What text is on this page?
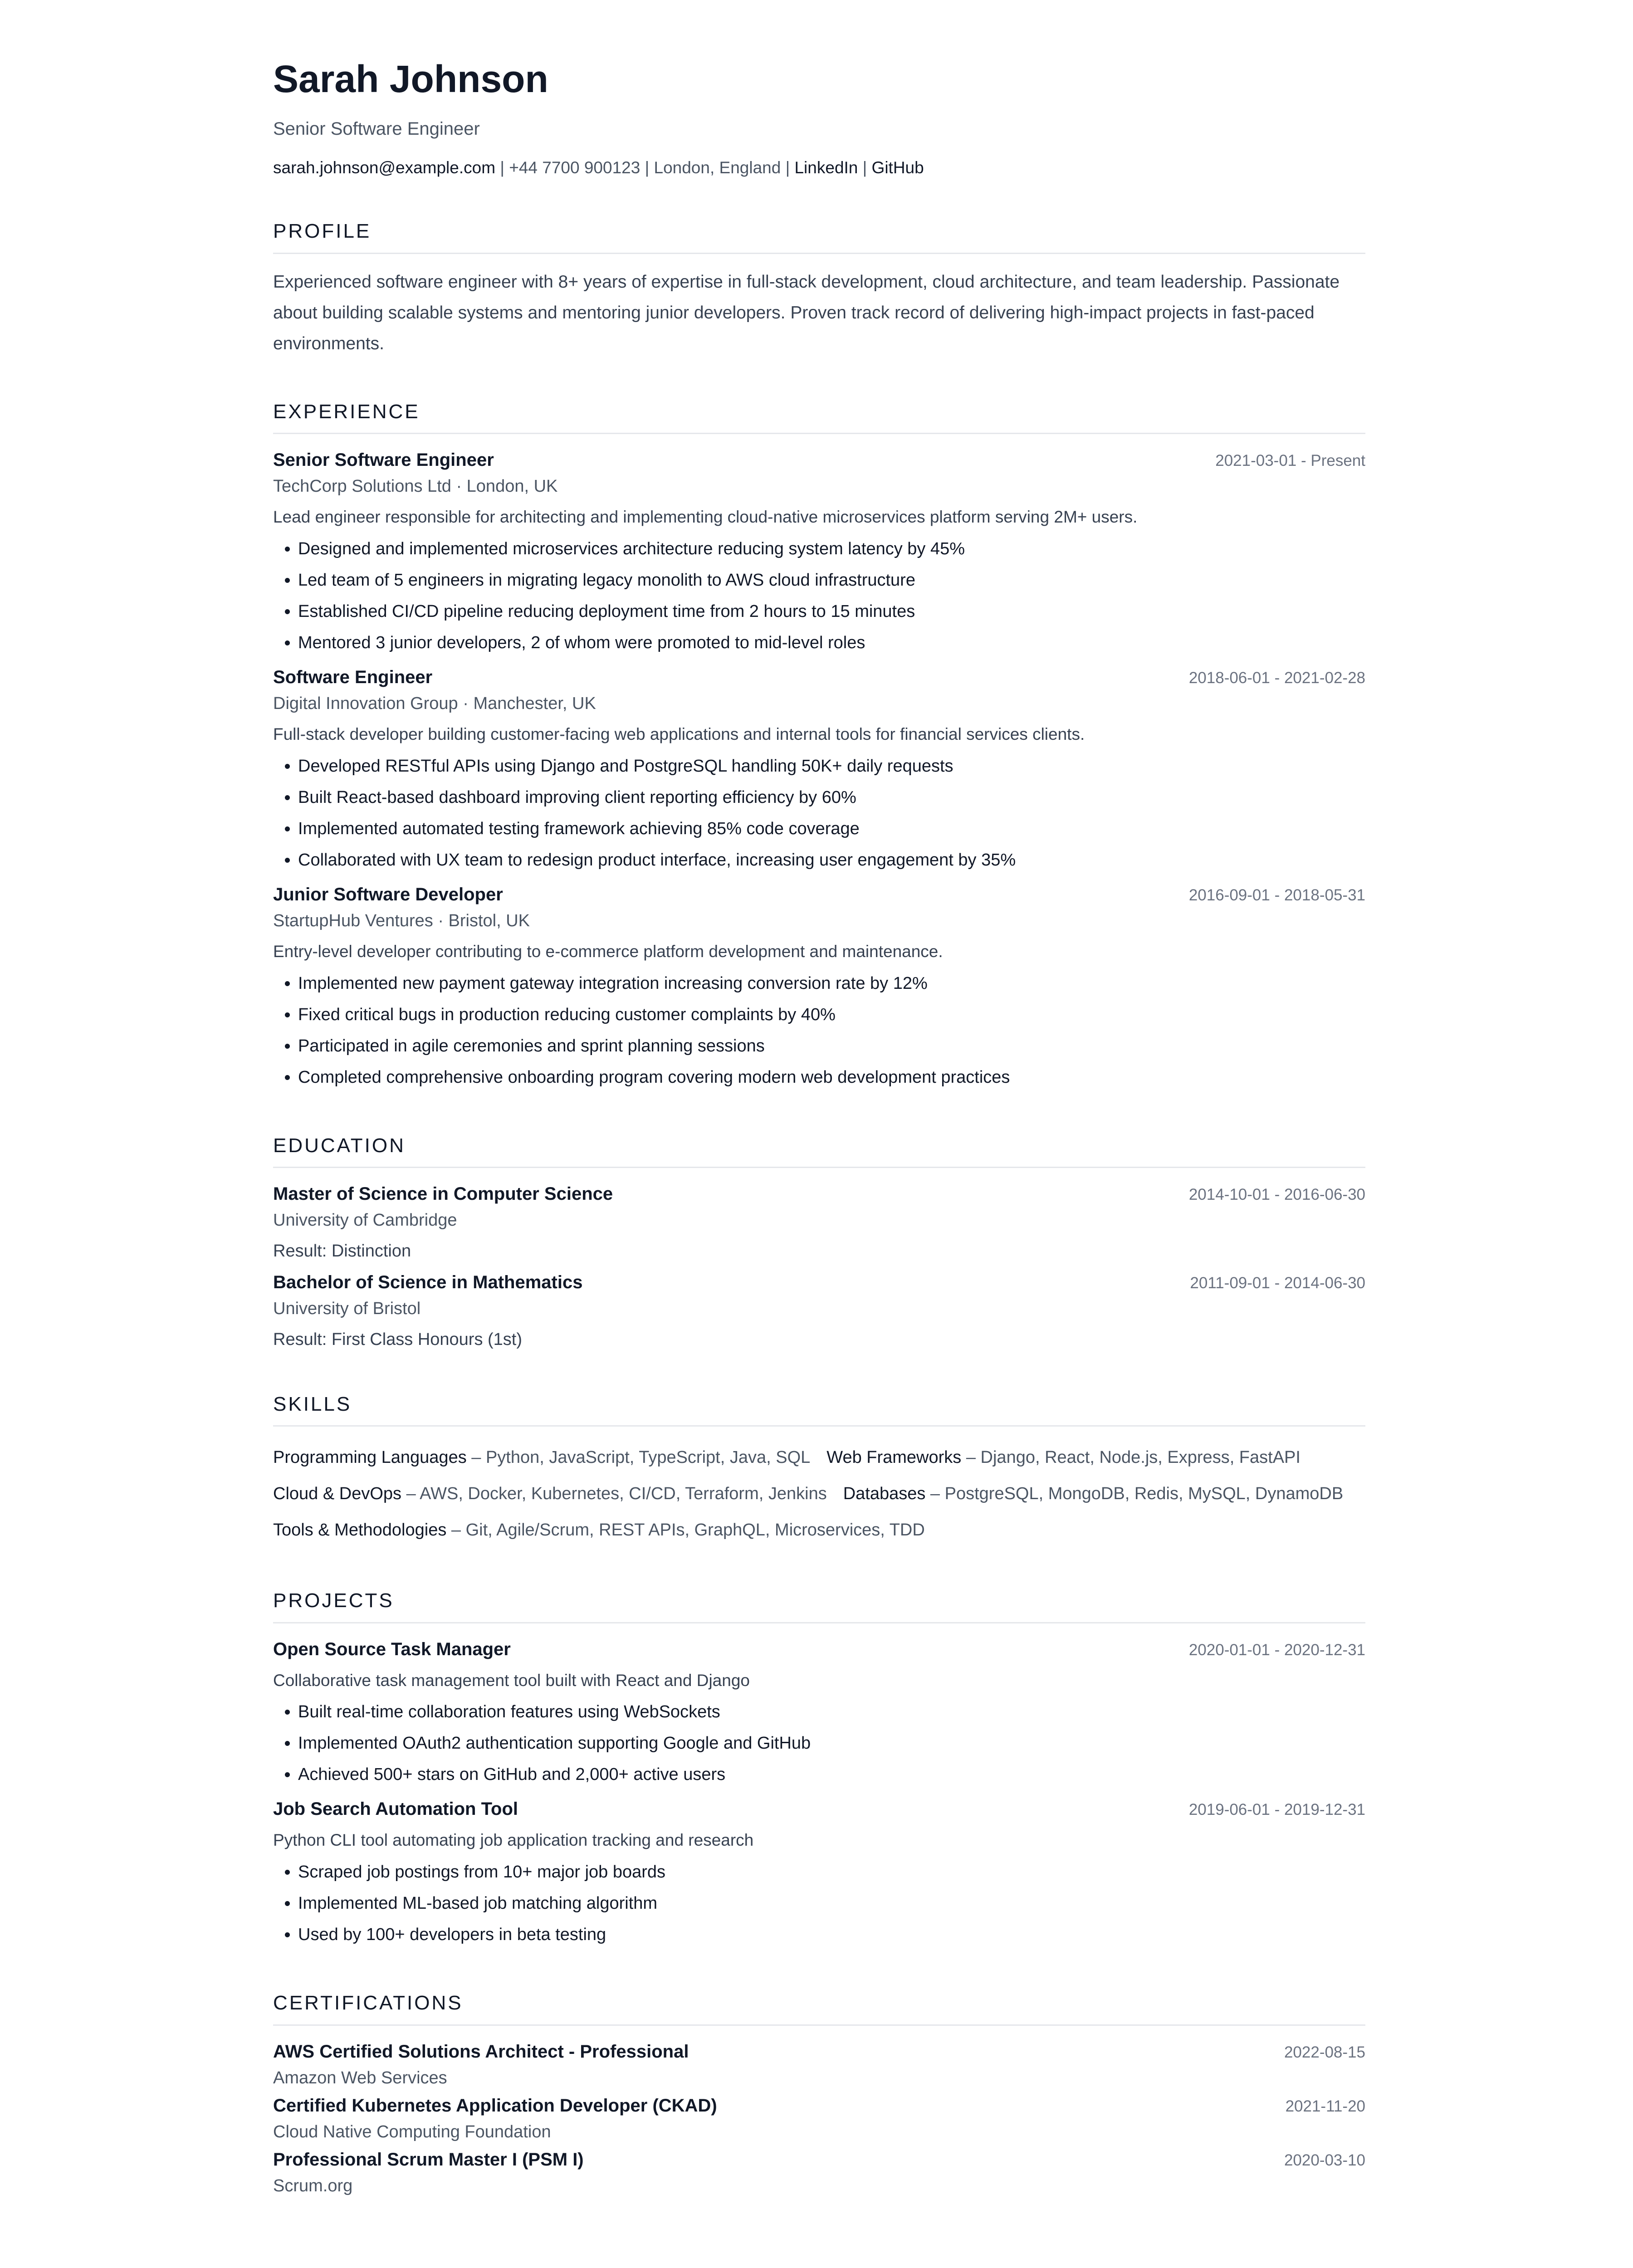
Sarah Johnson
Senior Software Engineer
sarah.johnson@example.com | +44 7700 900123 | London, England | LinkedIn | GitHub
PROFILE

Experienced software engineer with 8+ years of expertise in full-stack development, cloud architecture, and team leadership. Passionate about building scalable systems and mentoring junior developers. Proven track record of delivering high-impact projects in fast-paced environments.

EXPERIENCE
Senior Software Engineer	2021-03-01 - Present
TechCorp Solutions Ltd · London, UK
Lead engineer responsible for architecting and implementing cloud-native microservices platform serving 2M+ users.
• Designed and implemented microservices architecture reducing system latency by 45%
• Led team of 5 engineers in migrating legacy monolith to AWS cloud infrastructure
• Established CI/CD pipeline reducing deployment time from 2 hours to 15 minutes
• Mentored 3 junior developers, 2 of whom were promoted to mid-level roles
Software Engineer	2018-06-01 - 2021-02-28
Digital Innovation Group · Manchester, UK
Full-stack developer building customer-facing web applications and internal tools for financial services clients.
• Developed RESTful APIs using Django and PostgreSQL handling 50K+ daily requests
• Built React-based dashboard improving client reporting efficiency by 60%
• Implemented automated testing framework achieving 85% code coverage
• Collaborated with UX team to redesign product interface, increasing user engagement by 35%
Junior Software Developer	2016-09-01 - 2018-05-31
StartupHub Ventures · Bristol, UK
Entry-level developer contributing to e-commerce platform development and maintenance.
• Implemented new payment gateway integration increasing conversion rate by 12%
• Fixed critical bugs in production reducing customer complaints by 40%
• Participated in agile ceremonies and sprint planning sessions
• Completed comprehensive onboarding program covering modern web development practices
EDUCATION
Master of Science in Computer Science	2014-10-01 - 2016-06-30
University of Cambridge
Result: Distinction
Bachelor of Science in Mathematics	2011-09-01 - 2014-06-30
University of Bristol
Result: First Class Honours (1st)
SKILLS
Programming Languages – Python, JavaScript, TypeScript, Java, SQL Web Frameworks – Django, React, Node.js, Express, FastAPI
Cloud & DevOps – AWS, Docker, Kubernetes, CI/CD, Terraform, Jenkins Databases – PostgreSQL, MongoDB, Redis, MySQL, DynamoDB
Tools & Methodologies – Git, Agile/Scrum, REST APIs, GraphQL, Microservices, TDD
PROJECTS
Open Source Task Manager	2020-01-01 - 2020-12-31
Collaborative task management tool built with React and Django
• Built real-time collaboration features using WebSockets
• Implemented OAuth2 authentication supporting Google and GitHub
• Achieved 500+ stars on GitHub and 2,000+ active users
Job Search Automation Tool	2019-06-01 - 2019-12-31
Python CLI tool automating job application tracking and research
• Scraped job postings from 10+ major job boards
• Implemented ML-based job matching algorithm
• Used by 100+ developers in beta testing
CERTIFICATIONS
AWS Certified Solutions Architect - Professional	2022-08-15
Amazon Web Services
Certified Kubernetes Application Developer (CKAD)	2021-11-20
Cloud Native Computing Foundation
Professional Scrum Master I (PSM I)	2020-03-10
Scrum.org
